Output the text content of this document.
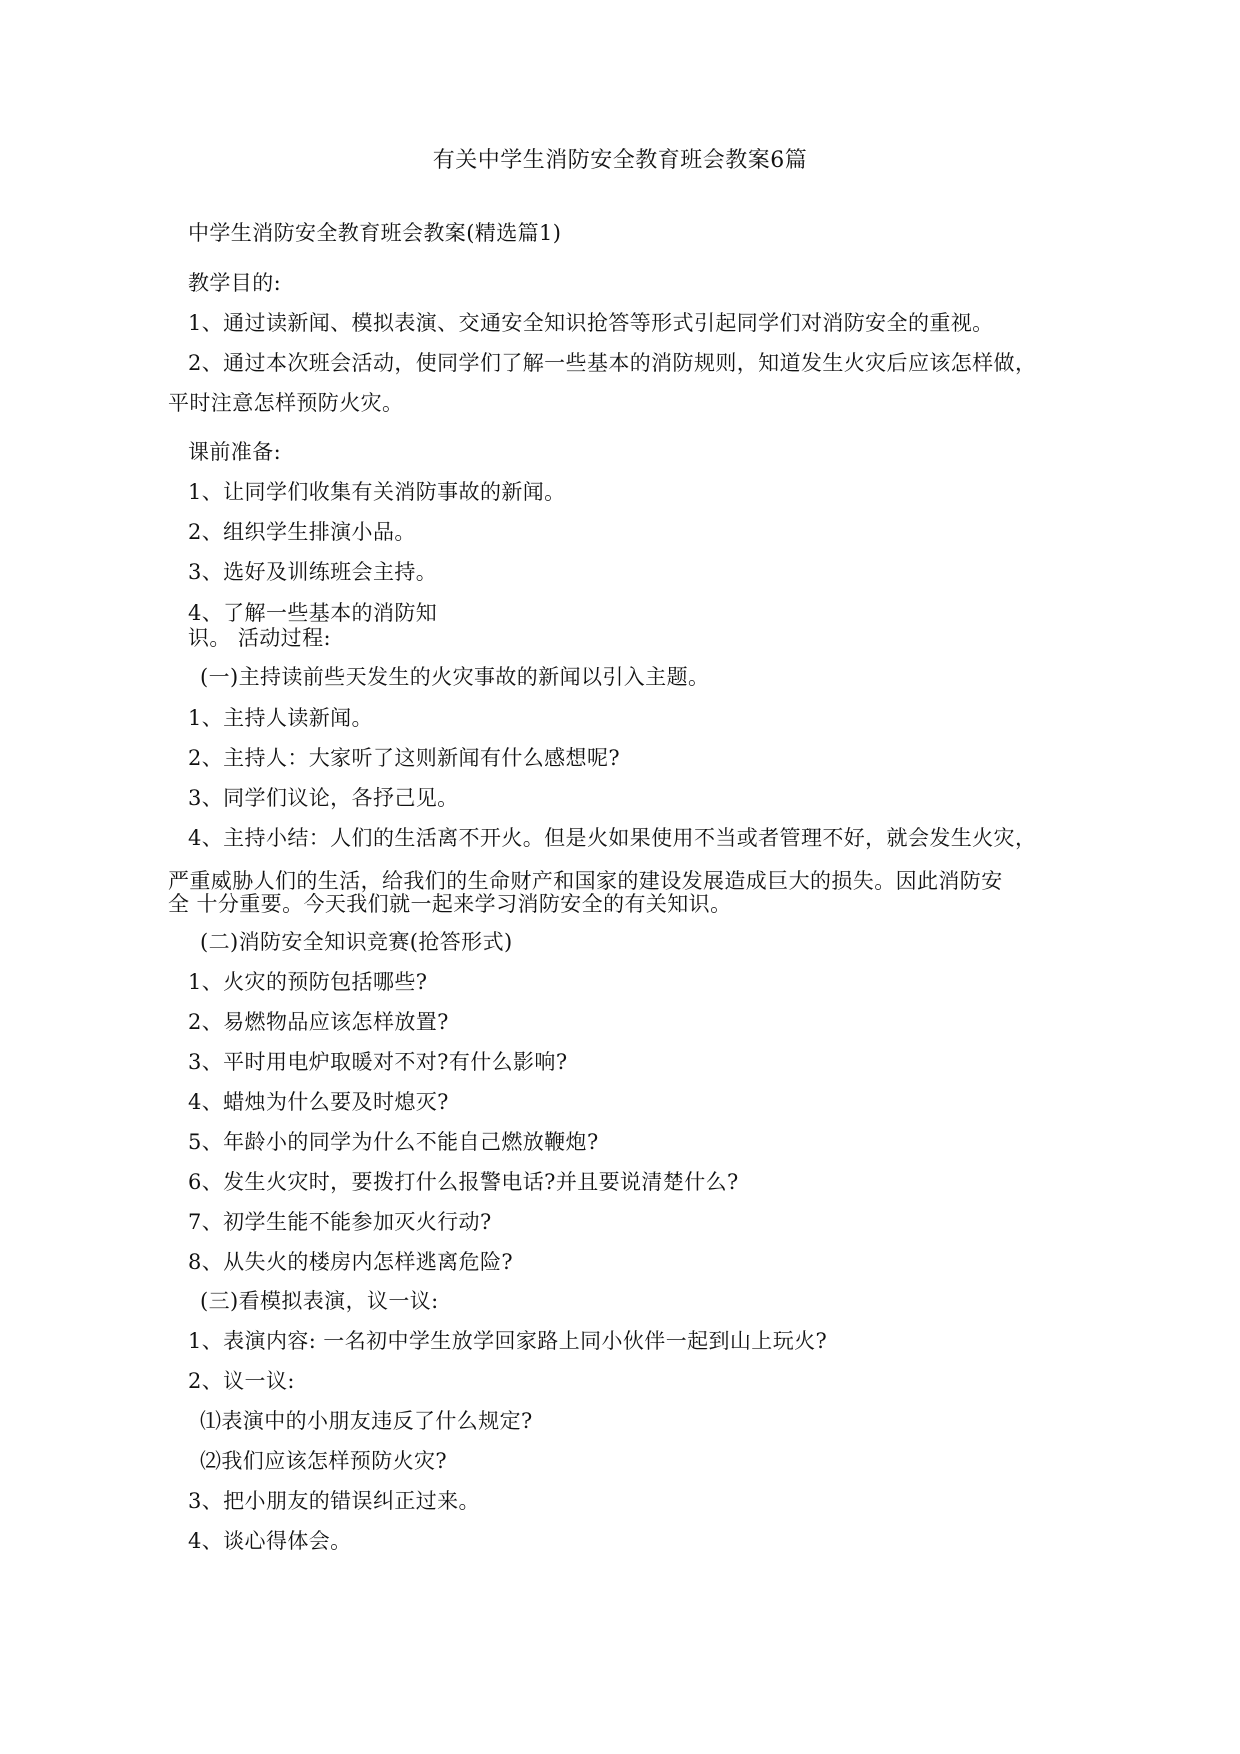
有关中学生消防安全教育班会教案6篇
中学生消防安全教育班会教案(精选篇1)
教学目的:
1、通过读新闻、模拟表演、交通安全知识抢答等形式引起同学们对消防安全的重视。
2、通过本次班会活动，使同学们了解一些基本的消防规则，知道发生火灾后应该怎样做，
平时注意怎样预防火灾。
课前准备:
1、让同学们收集有关消防事故的新闻。
2、组织学生排演小品。
3、选好及训练班会主持。
4、了解一些基本的消防知
识。 活动过程:
(一)主持读前些天发生的火灾事故的新闻以引入主题。
1、主持人读新闻。
2、主持人：大家听了这则新闻有什么感想呢?
3、同学们议论，各抒己见。
4、主持小结：人们的生活离不开火。但是火如果使用不当或者管理不好，就会发生火灾，
严重威胁人们的生活，给我们的生命财产和国家的建设发展造成巨大的损失。因此消防安
全 十分重要。今天我们就一起来学习消防安全的有关知识。
(二)消防安全知识竞赛(抢答形式)
1、火灾的预防包括哪些?
2、易燃物品应该怎样放置?
3、平时用电炉取暖对不对?有什么影响?
4、蜡烛为什么要及时熄灭?
5、年龄小的同学为什么不能自己燃放鞭炮?
6、发生火灾时，要拨打什么报警电话?并且要说清楚什么?
7、初学生能不能参加灭火行动?
8、从失火的楼房内怎样逃离危险?
(三)看模拟表演，议一议:
1、表演内容: 一名初中学生放学回家路上同小伙伴一起到山上玩火?
2、议一议:
⑴表演中的小朋友违反了什么规定?
⑵我们应该怎样预防火灾?
3、把小朋友的错误纠正过来。
4、谈心得体会。
